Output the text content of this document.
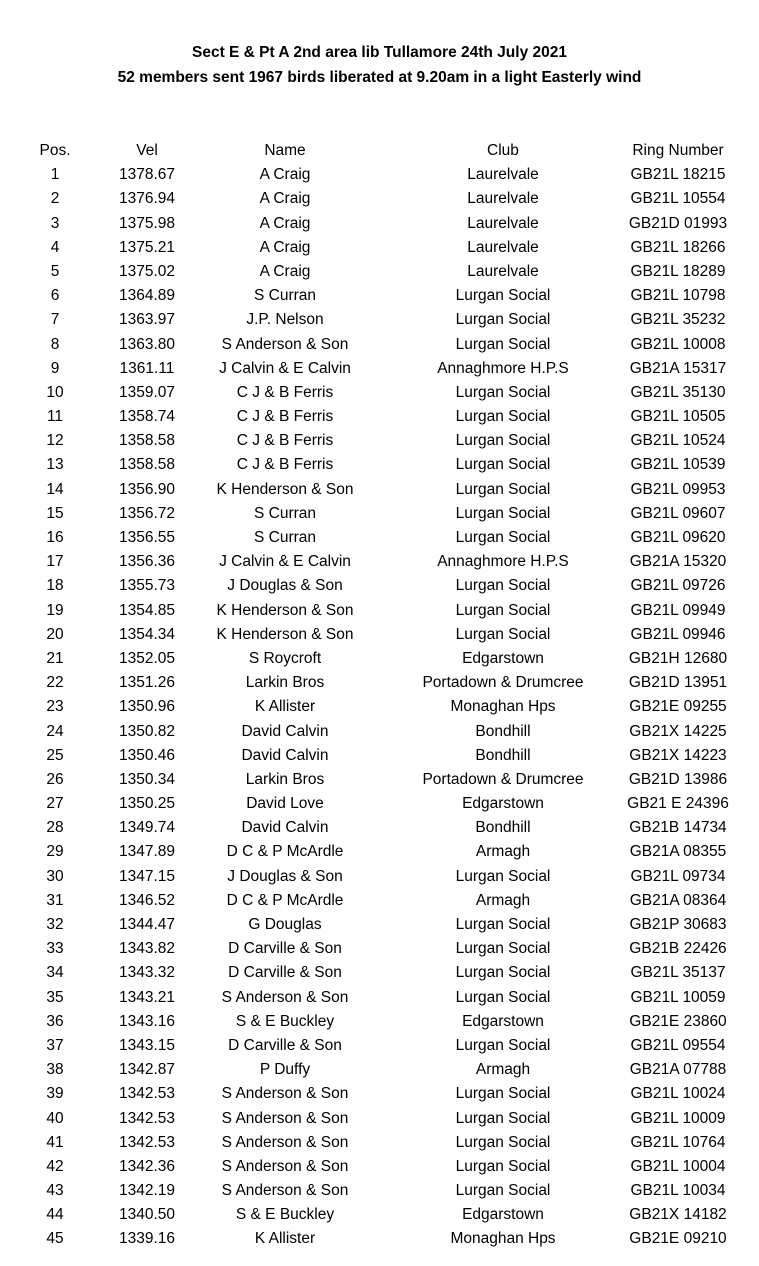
Sect E & Pt A 2nd area lib Tullamore 24th July 2021
52 members sent 1967 birds liberated at 9.20am in a light Easterly wind
Pos.	Vel	Name	Club	Ring Number
1	1378.67	A Craig	Laurelvale	GB21L 18215
2	1376.94	A Craig	Laurelvale	GB21L 10554
3	1375.98	A Craig	Laurelvale	GB21D 01993
4	1375.21	A Craig	Laurelvale	GB21L 18266
5	1375.02	A Craig	Laurelvale	GB21L 18289
6	1364.89	S Curran	Lurgan Social	GB21L 10798
7	1363.97	J.P. Nelson	Lurgan Social	GB21L 35232
8	1363.80	S Anderson & Son	Lurgan Social	GB21L 10008
9	1361.11	J Calvin & E Calvin	Annaghmore H.P.S	GB21A 15317
10	1359.07	C J & B Ferris	Lurgan Social	GB21L 35130
11	1358.74	C J & B Ferris	Lurgan Social	GB21L 10505
12	1358.58	C J & B Ferris	Lurgan Social	GB21L 10524
13	1358.58	C J & B Ferris	Lurgan Social	GB21L 10539
14	1356.90	K Henderson & Son	Lurgan Social	GB21L 09953
15	1356.72	S Curran	Lurgan Social	GB21L 09607
16	1356.55	S Curran	Lurgan Social	GB21L 09620
17	1356.36	J Calvin & E Calvin	Annaghmore H.P.S	GB21A 15320
18	1355.73	J Douglas & Son	Lurgan Social	GB21L 09726
19	1354.85	K Henderson & Son	Lurgan Social	GB21L 09949
20	1354.34	K Henderson & Son	Lurgan Social	GB21L 09946
21	1352.05	S Roycroft	Edgarstown	GB21H 12680
22	1351.26	Larkin Bros	Portadown & Drumcree	GB21D 13951
23	1350.96	K Allister	Monaghan Hps	GB21E 09255
24	1350.82	David Calvin	Bondhill	GB21X 14225
25	1350.46	David Calvin	Bondhill	GB21X 14223
26	1350.34	Larkin Bros	Portadown & Drumcree	GB21D 13986
27	1350.25	David Love	Edgarstown	GB21 E 24396
28	1349.74	David Calvin	Bondhill	GB21B 14734
29	1347.89	D C & P McArdle	Armagh	GB21A 08355
30	1347.15	J Douglas & Son	Lurgan Social	GB21L 09734
31	1346.52	D C & P McArdle	Armagh	GB21A 08364
32	1344.47	G Douglas	Lurgan Social	GB21P 30683
33	1343.82	D Carville & Son	Lurgan Social	GB21B 22426
34	1343.32	D Carville & Son	Lurgan Social	GB21L 35137
35	1343.21	S Anderson & Son	Lurgan Social	GB21L 10059
36	1343.16	S & E Buckley	Edgarstown	GB21E 23860
37	1343.15	D Carville & Son	Lurgan Social	GB21L 09554
38	1342.87	P Duffy	Armagh	GB21A 07788
39	1342.53	S Anderson & Son	Lurgan Social	GB21L 10024
40	1342.53	S Anderson & Son	Lurgan Social	GB21L 10009
41	1342.53	S Anderson & Son	Lurgan Social	GB21L 10764
42	1342.36	S Anderson & Son	Lurgan Social	GB21L 10004
43	1342.19	S Anderson & Son	Lurgan Social	GB21L 10034
44	1340.50	S & E Buckley	Edgarstown	GB21X 14182
45	1339.16	K Allister	Monaghan Hps	GB21E 09210
